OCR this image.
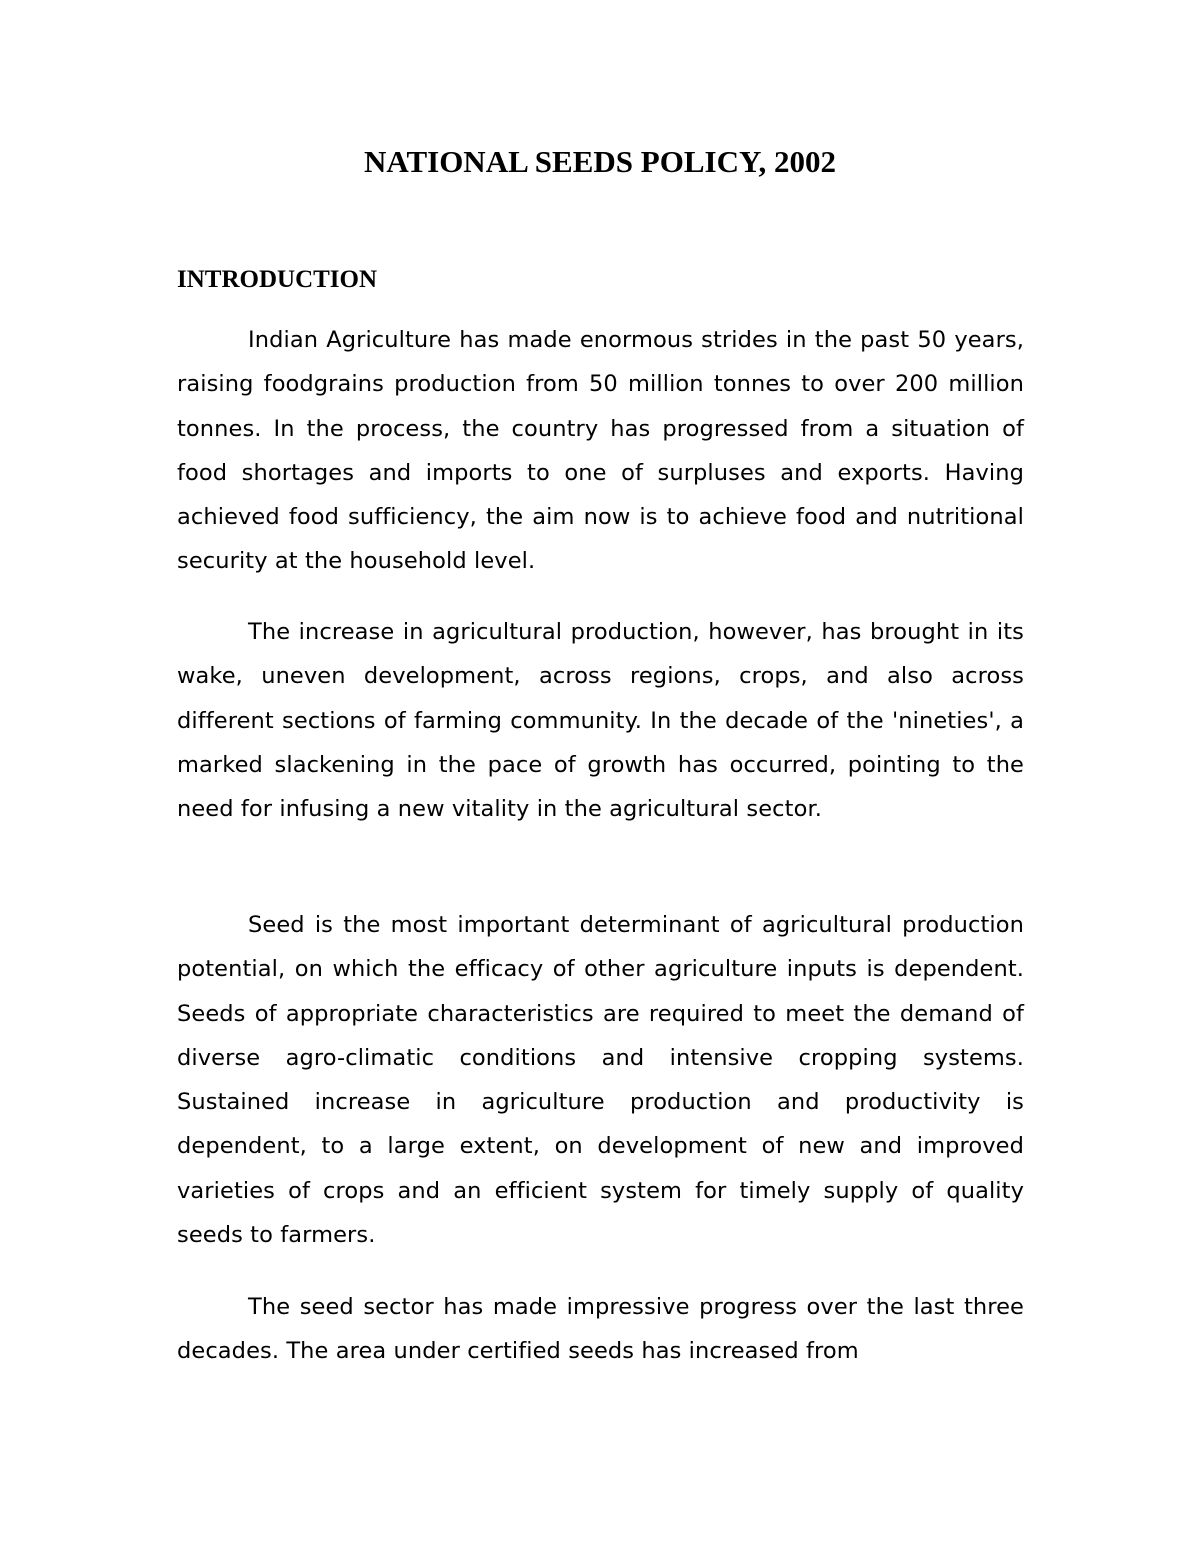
NATIONAL SEEDS POLICY, 2002
INTRODUCTION

Indian Agriculture has made enormous strides in the past 50 years, raising foodgrains production from 50 million tonnes to over 200 million tonnes. In the process, the country has progressed from a situation of food shortages and imports to one of surpluses and exports. Having achieved food sufficiency, the aim now is to achieve food and nutritional security at the household level.

The increase in agricultural production, however, has brought in its wake, uneven development, across regions, crops, and also across different sections of farming community. In the decade of the 'nineties', a marked slackening in the pace of growth has occurred, pointing to the need for infusing a new vitality in the agricultural sector.

Seed is the most important determinant of agricultural production potential, on which the efficacy of other agriculture inputs is dependent. Seeds of appropriate characteristics are required to meet the demand of diverse agro-climatic conditions and intensive cropping systems. Sustained increase in agriculture production and productivity is dependent, to a large extent, on development of new and improved varieties of crops and an efficient system for timely supply of quality seeds to farmers.

The seed sector has made impressive progress over the last three decades. The area under certified seeds has increased from
